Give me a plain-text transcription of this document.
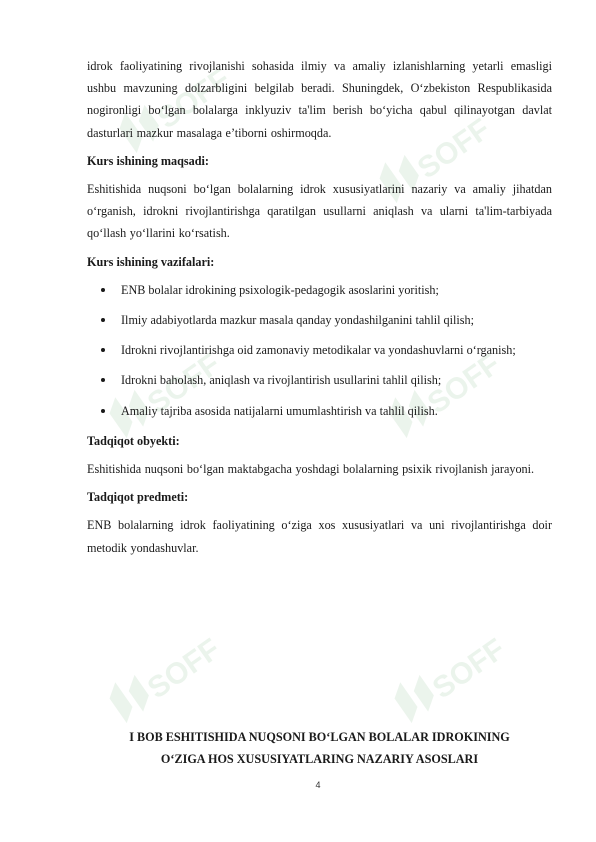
SOFF
SOFF
SOFF	SOFF
SOFF	SOFF

idrok faoliyatining rivojlanishi sohasida ilmiy va amaliy izlanishlarning yetarli emasligi ushbu mavzuning dolzarbligini belgilab beradi. Shuningdek, O‘zbekiston Respublikasida nogironligi bo‘lgan bolalarga inklyuziv ta'lim berish bo‘yicha qabul qilinayotgan davlat dasturlari mazkur masalaga e’tiborni oshirmoqda.

Kurs ishining maqsadi:

Eshitishida nuqsoni bo‘lgan bolalarning idrok xususiyatlarini nazariy va amaliy jihatdan o‘rganish, idrokni rivojlantirishga qaratilgan usullarni aniqlash va ularni ta'lim-tarbiyada qo‘llash yo‘llarini ko‘rsatish.

Kurs ishining vazifalari:
ENB bolalar idrokining psixologik-pedagogik asoslarini yoritish;
Ilmiy adabiyotlarda mazkur masala qanday yondashilganini tahlil qilish;
Idrokni rivojlantirishga oid zamonaviy metodikalar va yondashuvlarni o‘rganish;
Idrokni baholash, aniqlash va rivojlantirish usullarini tahlil qilish;
Amaliy tajriba asosida natijalarni umumlashtirish va tahlil qilish.
Tadqiqot obyekti:

Eshitishida nuqsoni bo‘lgan maktabgacha yoshdagi bolalarning psixik rivojlanish jarayoni.

Tadqiqot predmeti:

ENB bolalarning idrok faoliyatining o‘ziga xos xususiyatlari va uni rivojlantirishga doir metodik yondashuvlar.

I BOB ESHITISHIDA NUQSONI BO‘LGAN BOLALAR IDROKINING
O‘ZIGA HOS XUSUSIYATLARING NAZARIY ASOSLARI
4
